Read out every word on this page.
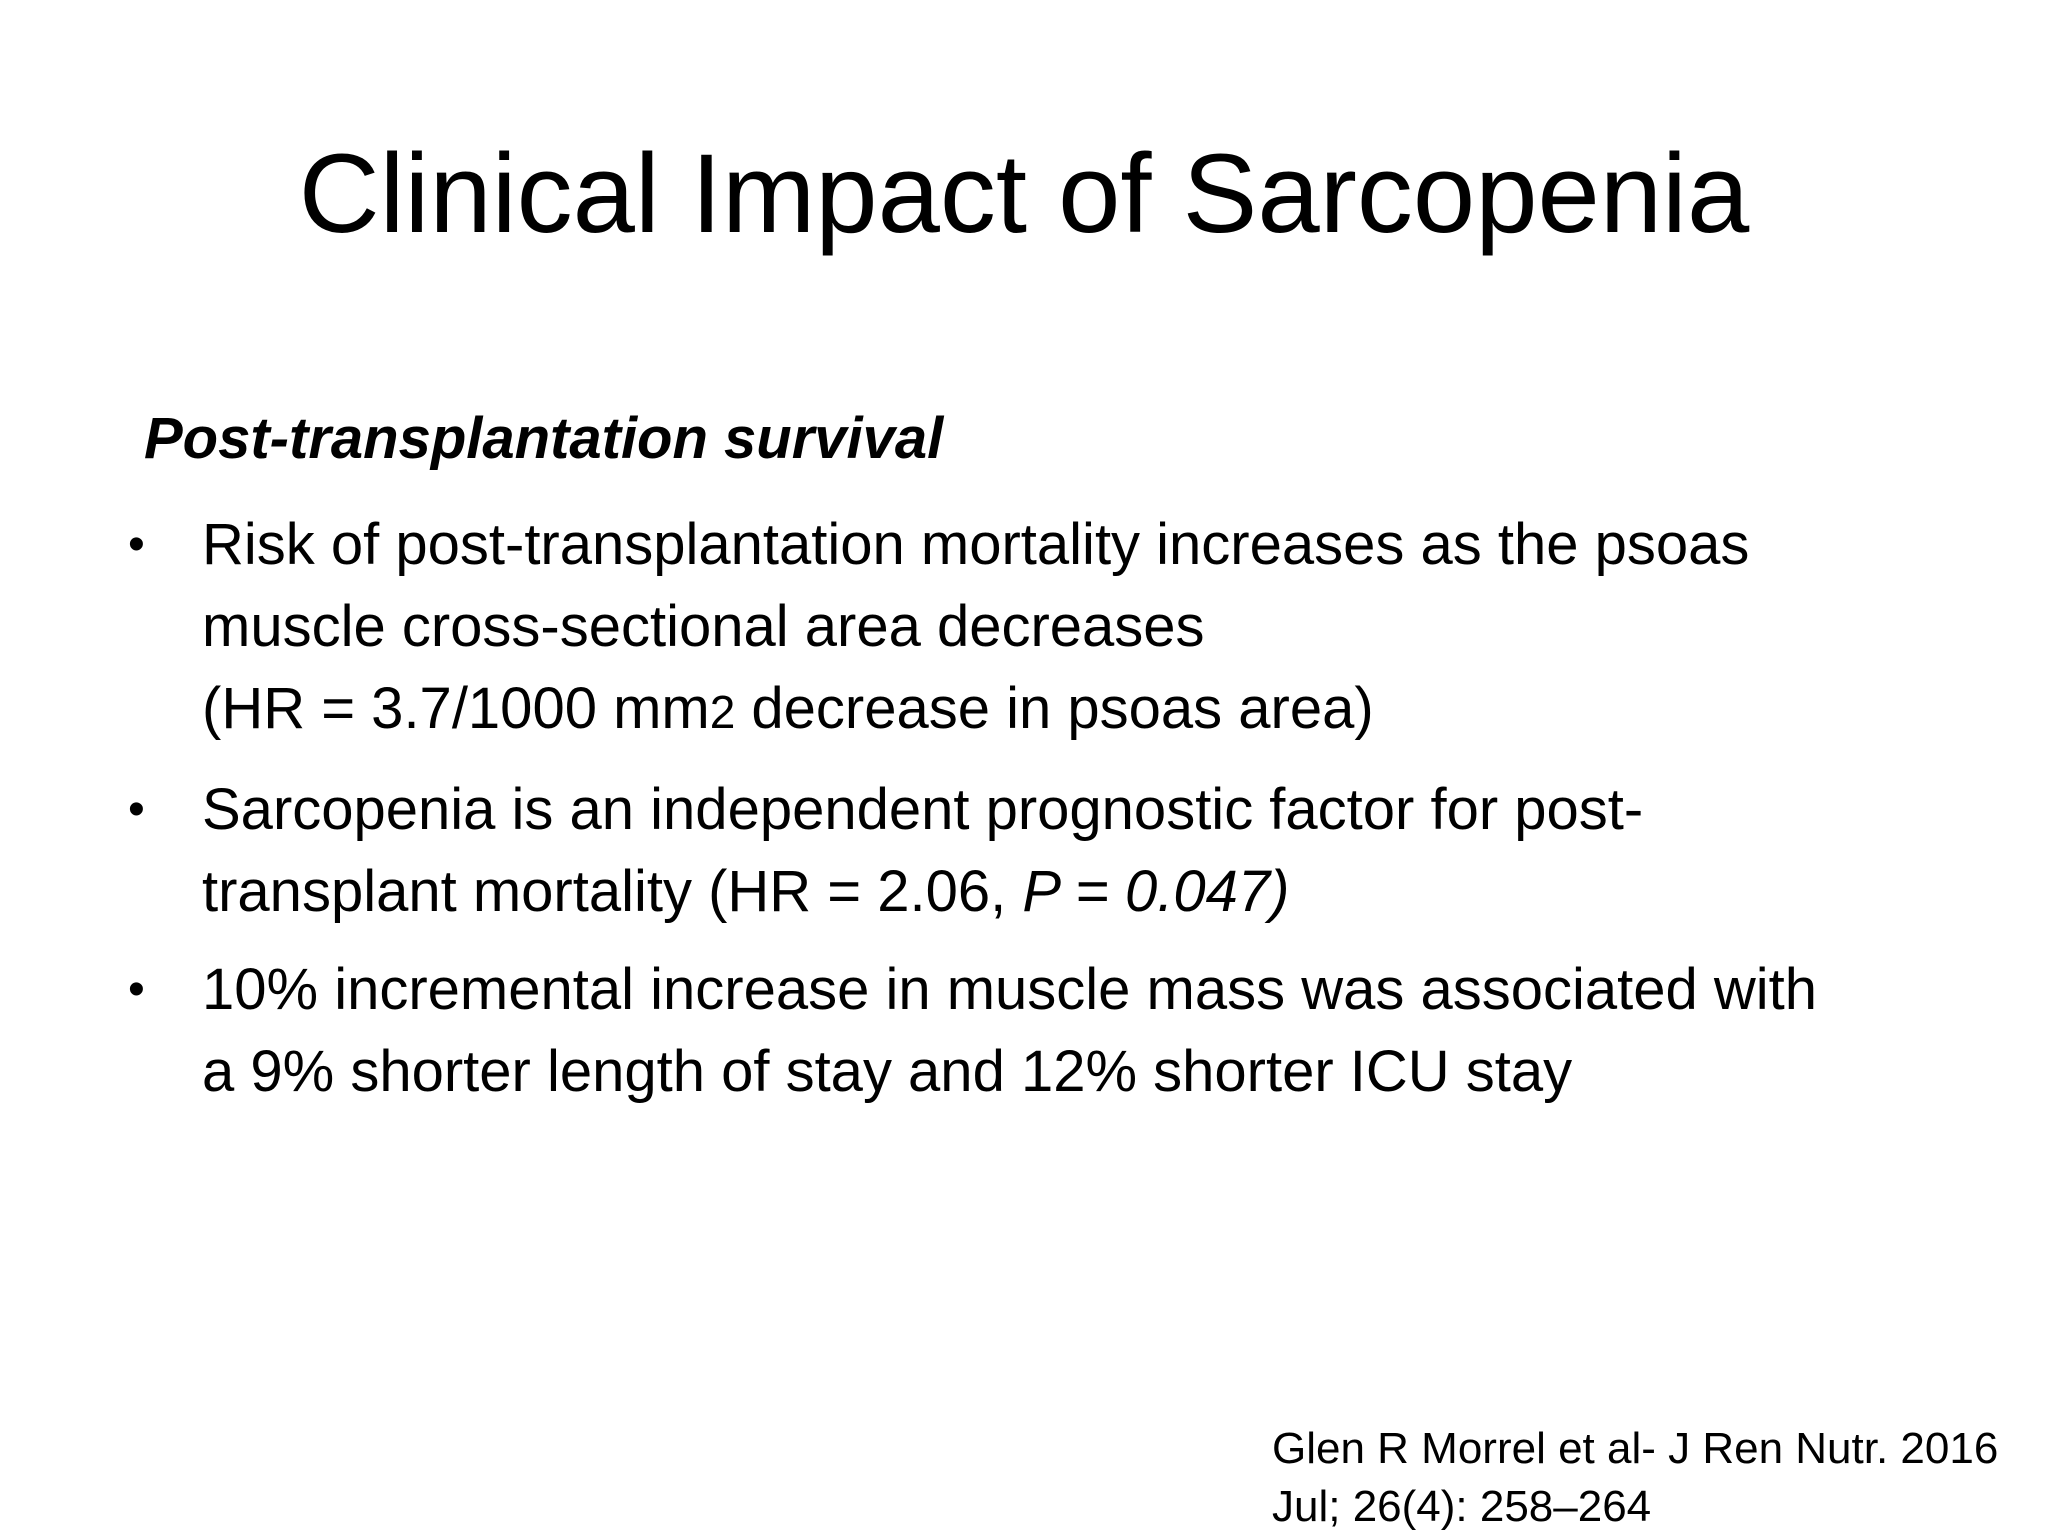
Clinical Impact of Sarcopenia
Post-transplantation survival
• Risk of post-transplantation mortality increases as the psoas
muscle cross-sectional area decreases
(HR = 3.7/1000 mm2 decrease in psoas area)
• Sarcopenia is an independent prognostic factor for post-
transplant mortality (HR = 2.06, P = 0.047)
• 10% incremental increase in muscle mass was associated with
a 9% shorter length of stay and 12% shorter ICU stay
Glen R Morrel et al- J Ren Nutr. 2016
Jul; 26(4): 258–264
